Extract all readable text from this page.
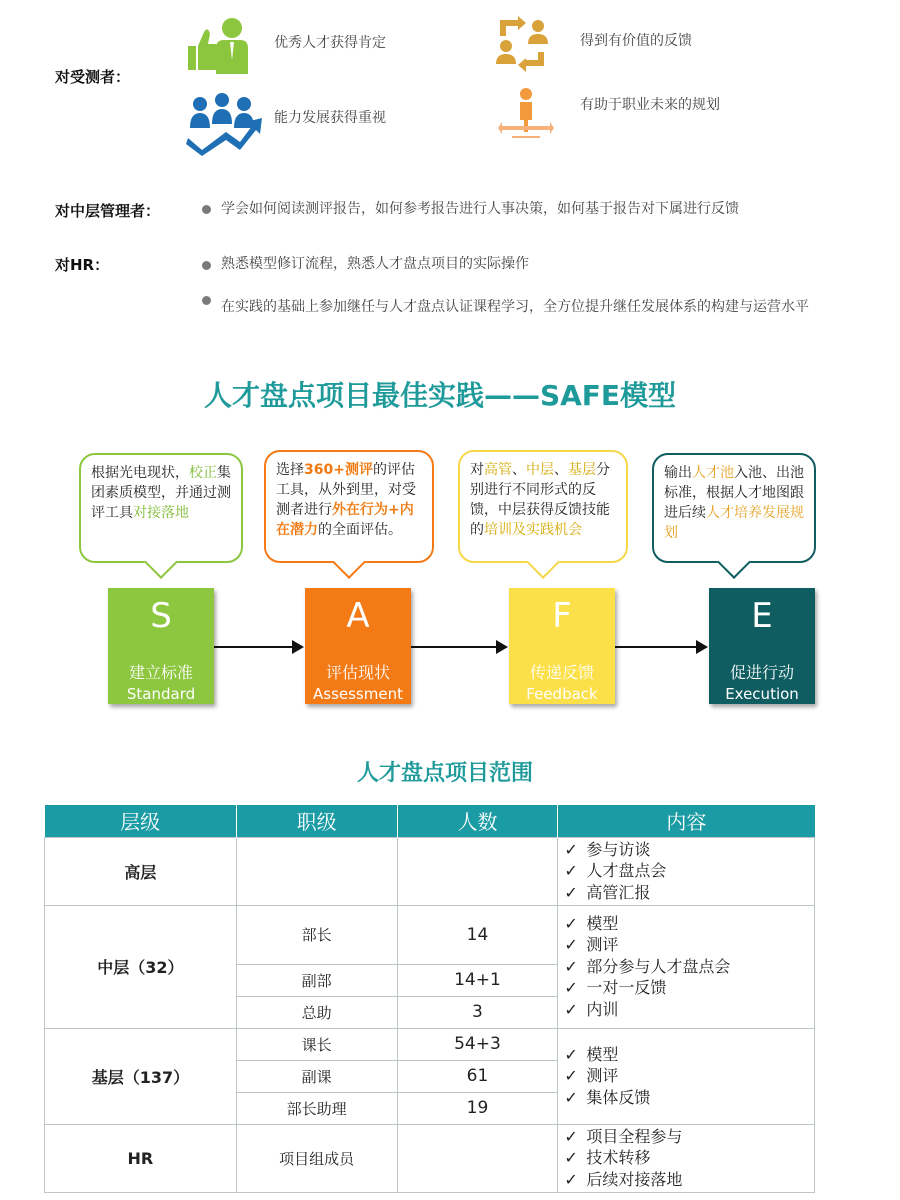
对受测者：
优秀人才获得肯定	得到有价值的反馈
能力发展获得重视
有助于职业未来的规划
对中层管理者：	学会如何阅读测评报告，如何参考报告进行人事决策，如何基于报告对下属进行反馈
对HR：	熟悉模型修订流程，熟悉人才盘点项目的实际操作
在实践的基础上参加继任与人才盘点认证课程学习，全方位提升继任发展体系的构建与运营水平
人才盘点项目最佳实践——SAFE模型
根据光电现状，校正集团素质模型，并通过测评工具对接落地
选择360+测评的评估工具，从外到里，对受测者进行外在行为+内在潜力的全面评估。
对高管、中层、基层分别进行不同形式的反馈，中层获得反馈技能的培训及实践机会
输出人才池入池、出池标准，根据人才地图跟进后续人才培养发展规划
S
建立标准
Standard
A
评估现状
Assessment
F
传递反馈
Feedback
E
促进行动
Execution
人才盘点项目范围
层级	职级	人数	内容
高层			✓ 参与访谈
✓ 人才盘点会
✓ 高管汇报

中层（32）	部长	14	✓ 模型
✓ 测评
✓ 部分参与人才盘点会
✓ 一对一反馈
✓ 内训

	副部	14+1	
	总助	3	
基层（137）	课长	54+3	✓ 模型
✓ 测评
✓ 集体反馈

	副课	61	
	部长助理	19	
HR	项目组成员		✓ 项目全程参与
✓ 技术转移
✓ 后续对接落地
